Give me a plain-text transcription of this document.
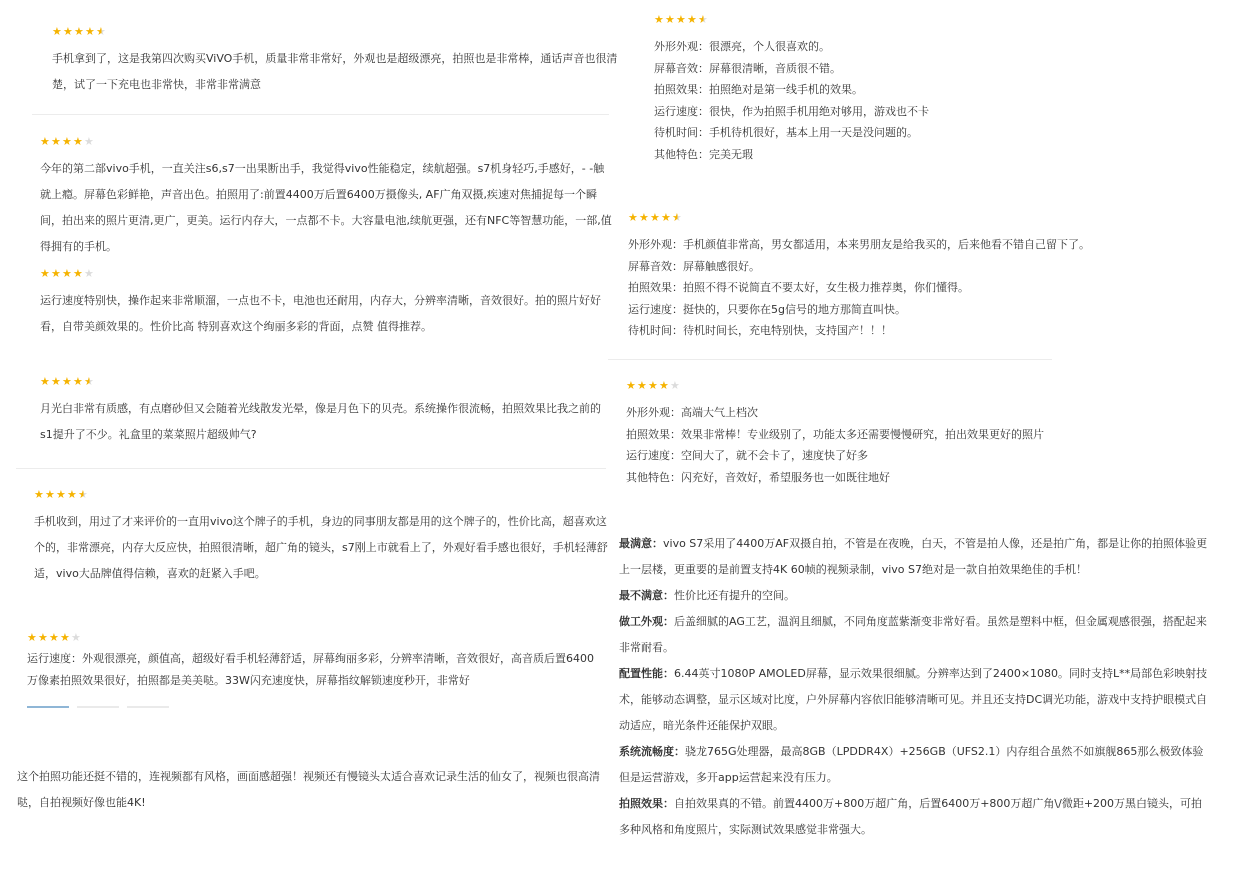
★ ★ ★ ★ ★
手机拿到了，这是我第四次购买ViVO手机，质量非常非常好，外观也是超级漂亮，拍照也是非常棒，通话声音也很清楚，试了一下充电也非常快，非常非常满意
★ ★ ★ ★ ★
今年的第二部vivo手机，一直关注s6,s7一出果断出手，我觉得vivo性能稳定，续航超强。s7机身轻巧,手感好，- -触就上瘾。屏幕色彩鲜艳，声音出色。拍照用了:前置4400万后置6400万摄像头, AF广角双摄,疾速对焦捕捉每一个瞬间，拍出来的照片更清,更广，更美。运行内存大，一点都不卡。大容量电池,续航更强，还有NFC等智慧功能，一部,值得拥有的手机。
★ ★ ★ ★ ★
运行速度特别快，操作起来非常顺溜，一点也不卡，电池也还耐用，内存大，分辨率清晰，音效很好。拍的照片好好看，自带美颜效果的。性价比高 特别喜欢这个绚丽多彩的背面，点赞 值得推荐。
★ ★ ★ ★ ★
月光白非常有质感，有点磨砂但又会随着光线散发光晕，像是月色下的贝壳。系统操作很流畅，拍照效果比我之前的s1提升了不少。礼盒里的菜菜照片超级帅气?
★ ★ ★ ★ ★
手机收到，用过了才来评价的一直用vivo这个牌子的手机，身边的同事朋友都是用的这个牌子的，性价比高，超喜欢这个的，非常漂亮，内存大反应快，拍照很清晰，超广角的镜头，s7刚上市就看上了，外观好看手感也很好，手机轻薄舒适，vivo大品牌值得信赖，喜欢的赶紧入手吧。
★ ★ ★ ★ ★
运行速度：外观很漂亮，颜值高，超级好看手机轻薄舒适，屏幕绚丽多彩，分辨率清晰，音效很好，高音质后置6400万像素拍照效果很好，拍照都是美美哒。33W闪充速度快，屏幕指纹解锁速度秒开，非常好
这个拍照功能还挺不错的，连视频都有风格，画面感超强！视频还有慢镜头太适合喜欢记录生活的仙女了，视频也很高清哒，自拍视频好像也能4K!
★ ★ ★ ★ ★
外形外观：很漂亮，个人很喜欢的。
屏幕音效：屏幕很清晰，音质很不错。
拍照效果：拍照绝对是第一线手机的效果。
运行速度：很快，作为拍照手机用绝对够用，游戏也不卡
待机时间：手机待机很好，基本上用一天是没问题的。
其他特色：完美无瑕
★ ★ ★ ★ ★
外形外观：手机颜值非常高，男女都适用，本来男朋友是给我买的，后来他看不错自己留下了。
屏幕音效：屏幕触感很好。
拍照效果：拍照不得不说简直不要太好，女生极力推荐奥，你们懂得。
运行速度：挺快的，只要你在5g信号的地方那简直叫快。
待机时间：待机时间长，充电特别快，支持国产！！！
★ ★ ★ ★ ★
外形外观：高端大气上档次
拍照效果：效果非常棒！专业级别了，功能太多还需要慢慢研究，拍出效果更好的照片
运行速度：空间大了，就不会卡了，速度快了好多
其他特色：闪充好，音效好，希望服务也一如既往地好
最满意：vivo S7采用了4400万AF双摄自拍，不管是在夜晚，白天，不管是拍人像，还是拍广角，都是让你的拍照体验更上一层楼，更重要的是前置支持4K 60帧的视频录制，vivo S7绝对是一款自拍效果绝佳的手机！
最不满意：性价比还有提升的空间。
做工外观：后盖细腻的AG工艺，温润且细腻，不同角度蓝紫渐变非常好看。虽然是塑料中框，但金属观感很强，搭配起来非常耐看。
配置性能：6.44英寸1080P AMOLED屏幕，显示效果很细腻。分辨率达到了2400×1080。同时支持L**局部色彩映射技术，能够动态调整，显示区域对比度，户外屏幕内容依旧能够清晰可见。并且还支持DC调光功能，游戏中支持护眼模式自动适应，暗光条件还能保护双眼。
系统流畅度：骁龙765G处理器，最高8GB（LPDDR4X）+256GB（UFS2.1）内存组合虽然不如旗舰865那么极致体验但是运营游戏，多开app运营起来没有压力。
拍照效果：自拍效果真的不错。前置4400万+800万超广角，后置6400万+800万超广角\/微距+200万黑白镜头，可拍多种风格和角度照片，实际测试效果感觉非常强大。
